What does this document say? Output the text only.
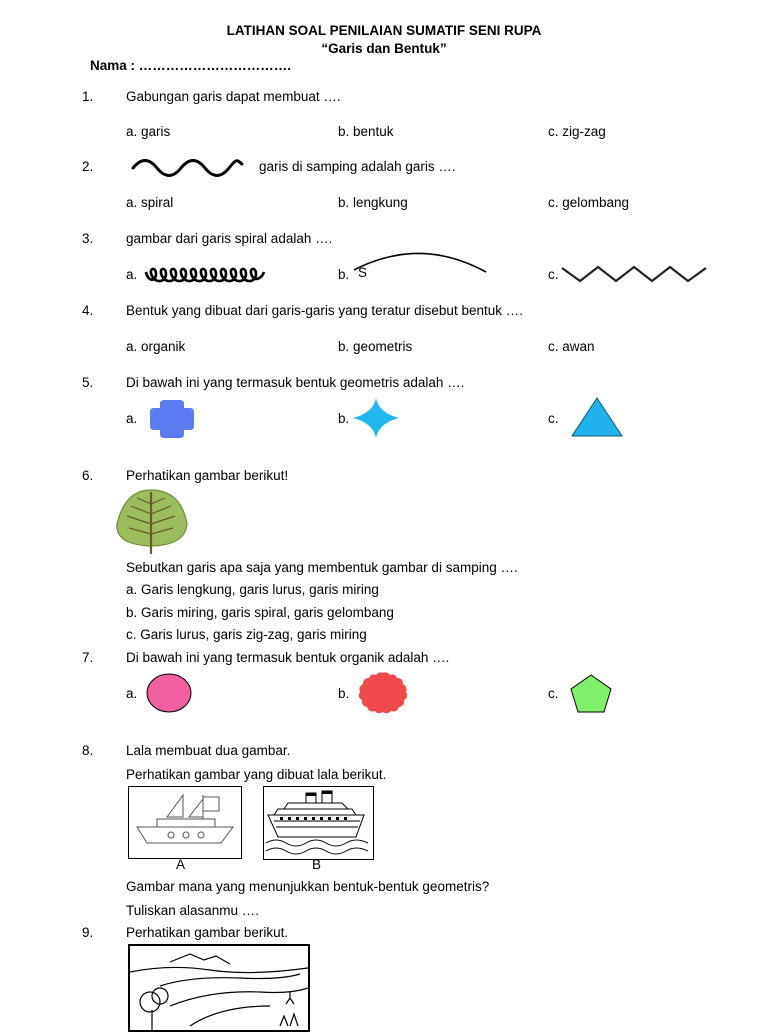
LATIHAN SOAL PENILAIAN SUMATIF SENI RUPA
“Garis dan Bentuk”
Nama : …………………………….
1. Gabungan garis dapat membuat ….
a. garis	b. bentuk	c. zig-zag
2.	garis di samping adalah garis ….
a. spiral	b. lengkung	c. gelombang
3. gambar dari garis spiral adalah ….
a.	b. S	c.
4. Bentuk yang dibuat dari garis-garis yang teratur disebut bentuk ….
a. organik	b. geometris	c. awan
5. Di bawah ini yang termasuk bentuk geometris adalah ….
a.	b.	c.
6. Perhatikan gambar berikut!
Sebutkan garis apa saja yang membentuk gambar di samping ….
a. Garis lengkung, garis lurus, garis miring
b. Garis miring, garis spiral, garis gelombang
c. Garis lurus, garis zig-zag, garis miring
7. Di bawah ini yang termasuk bentuk organik adalah ….
a.	b.	c.
8. Lala membuat dua gambar.
Perhatikan gambar yang dibuat lala berikut.
A	B
Gambar mana yang menunjukkan bentuk-bentuk geometris?
Tuliskan alasanmu ….
9. Perhatikan gambar berikut.
